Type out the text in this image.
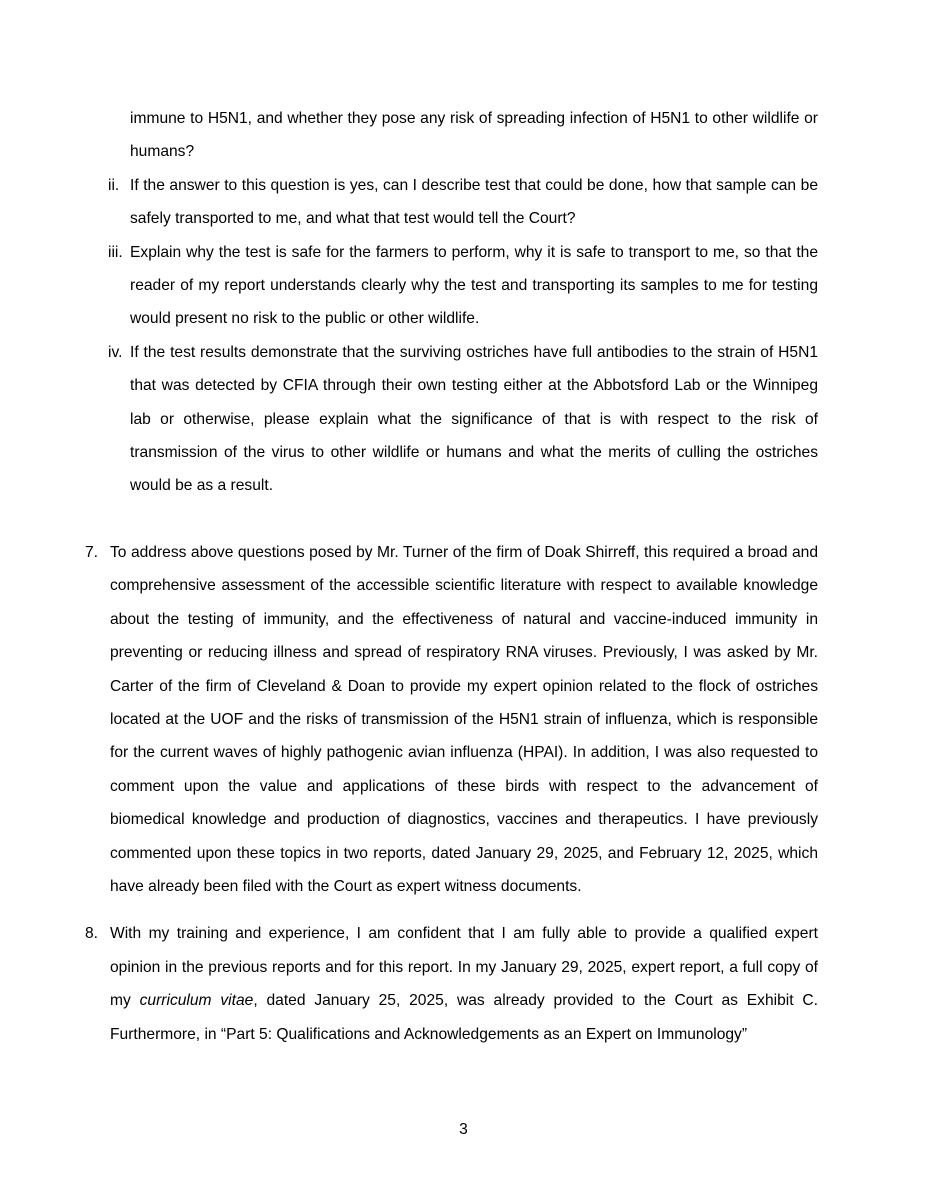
immune to H5N1, and whether they pose any risk of spreading infection of H5N1 to other wildlife or humans?
ii. If the answer to this question is yes, can I describe test that could be done, how that sample can be safely transported to me, and what that test would tell the Court?
iii. Explain why the test is safe for the farmers to perform, why it is safe to transport to me, so that the reader of my report understands clearly why the test and transporting its samples to me for testing would present no risk to the public or other wildlife.
iv. If the test results demonstrate that the surviving ostriches have full antibodies to the strain of H5N1 that was detected by CFIA through their own testing either at the Abbotsford Lab or the Winnipeg lab or otherwise, please explain what the significance of that is with respect to the risk of transmission of the virus to other wildlife or humans and what the merits of culling the ostriches would be as a result.
7. To address above questions posed by Mr. Turner of the firm of Doak Shirreff, this required a broad and comprehensive assessment of the accessible scientific literature with respect to available knowledge about the testing of immunity, and the effectiveness of natural and vaccine-induced immunity in preventing or reducing illness and spread of respiratory RNA viruses. Previously, I was asked by Mr. Carter of the firm of Cleveland & Doan to provide my expert opinion related to the flock of ostriches located at the UOF and the risks of transmission of the H5N1 strain of influenza, which is responsible for the current waves of highly pathogenic avian influenza (HPAI). In addition, I was also requested to comment upon the value and applications of these birds with respect to the advancement of biomedical knowledge and production of diagnostics, vaccines and therapeutics. I have previously commented upon these topics in two reports, dated January 29, 2025, and February 12, 2025, which have already been filed with the Court as expert witness documents.
8. With my training and experience, I am confident that I am fully able to provide a qualified expert opinion in the previous reports and for this report. In my January 29, 2025, expert report, a full copy of my curriculum vitae, dated January 25, 2025, was already provided to the Court as Exhibit C. Furthermore, in “Part 5: Qualifications and Acknowledgements as an Expert on Immunology”
3
